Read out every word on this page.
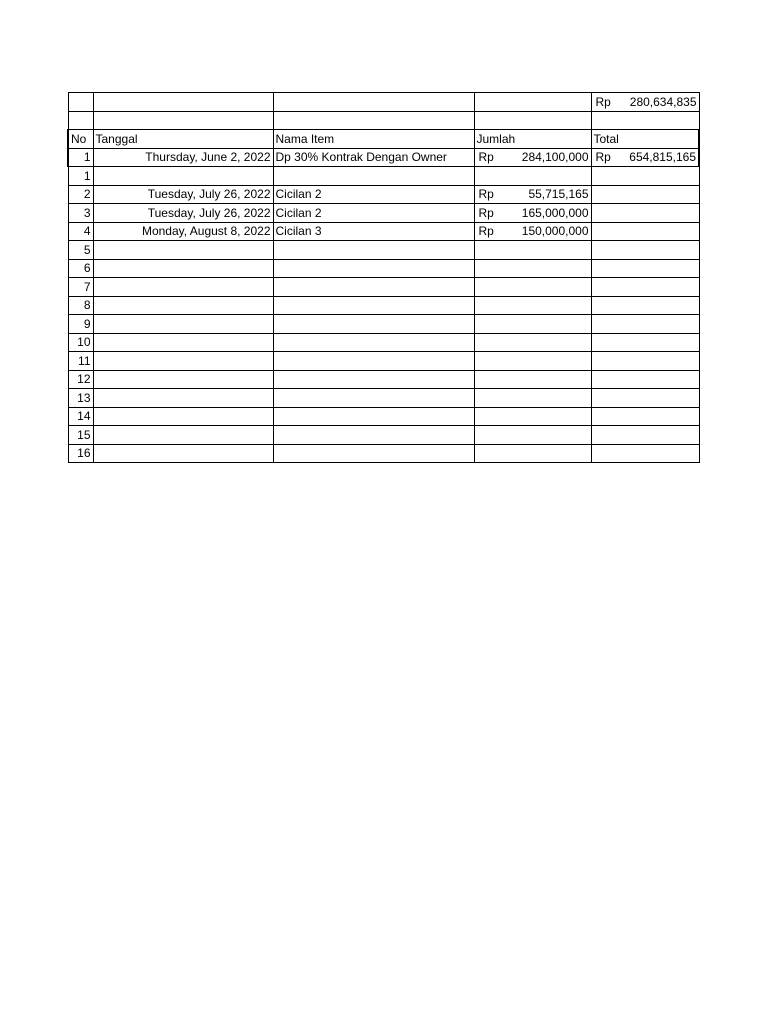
				Rp 280,634,835

No	Tanggal	Nama Item	Jumlah	Total
1	Thursday, June 2, 2022	Dp 30% Kontrak Dengan Owner	Rp 284,100,000	Rp 654,815,165

1			

2	Tuesday, July 26, 2022	Cicilan 2	Rp 55,715,165	

3	Tuesday, July 26, 2022	Cicilan 2	Rp 165,000,000	

4	Monday, August 8, 2022	Cicilan 3	Rp 150,000,000	

5			

6			

7			

8			

9			

10			

11			

12			

13			

14			

15			

16			
